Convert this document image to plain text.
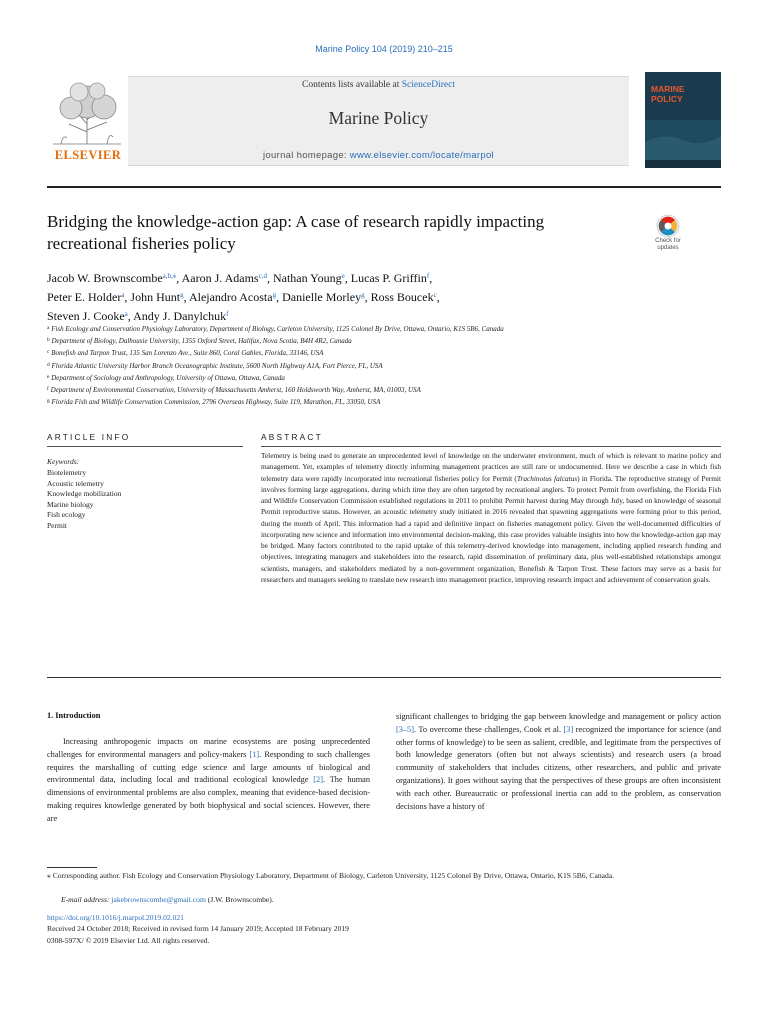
Marine Policy 104 (2019) 210–215
ELSEVIER
Contents lists available at ScienceDirect
Marine Policy
journal homepage: www.elsevier.com/locate/marpol
MARINE
POLICY
Bridging the knowledge-action gap: A case of research rapidly impacting
recreational fisheries policy	Check for
updates
Jacob W. Brownscombe$^{a,b,⁎}$, Aaron J. Adams$^{c,d}$, Nathan Young$^e$, Lucas P. Griffin$^f$,
Peter E. Holder$^a$, John Hunt$^g$, Alejandro Acosta$^g$, Danielle Morley$^g$, Ross Boucek$^c$,
Steven J. Cooke$^a$, Andy J. Danylchuk$^f$
$^a$ Fish Ecology and Conservation Physiology Laboratory, Department of Biology, Carleton University, 1125 Colonel By Drive, Ottawa, Ontario, K1S 5B6, Canada
$^b$ Department of Biology, Dalhousie University, 1355 Oxford Street, Halifax, Nova Scotia, B4H 4R2, Canada
$^c$ Bonefish and Tarpon Trust, 135 San Lorenzo Ave., Suite 860, Coral Gables, Florida, 33146, USA
$^d$ Florida Atlantic University Harbor Branch Oceanographic Institute, 5600 North Highway A1A, Fort Pierce, FL, USA
$^e$ Department of Sociology and Anthropology, University of Ottawa, Ottawa, Canada
$^f$ Department of Environmental Conservation, University of Massachusetts Amherst, 160 Holdsworth Way, Amherst, MA, 01003, USA
$^g$ Florida Fish and Wildlife Conservation Commission, 2796 Overseas Highway, Suite 119, Marathon, FL, 33050, USA
ARTICLE INFO	ABSTRACT
Keywords:
Biotelemetry
Acoustic telemetry
Knowledge mobilization
Marine biology
Fish ecology
Permit
Telemetry is being used to generate an unprecedented level of knowledge on the underwater environment, much of which is relevant to marine policy and management. Yet, examples of telemetry directly informing management practices are still rare or undocumented. Here we describe a case in which fish telemetry data were rapidly incorporated into recreational fisheries policy for Permit (Trachinotus falcatus) in Florida. The reproductive strategy of Permit involves forming large aggregations, during which time they are often targeted by recreational anglers. To protect Permit from overfishing, the Florida Fish and Wildlife Conservation Commission established regulations in 2011 to prohibit Permit harvest during May through July, based on knowledge of seasonal Permit reproductive status. However, an acoustic telemetry study initiated in 2016 revealed that spawning aggregations were forming prior to this period, during the month of April. This information had a rapid and definitive impact on fisheries management policy. Given the well-documented difficulties of incorporating new science and information into environmental decision-making, this case provides valuable insights into how the knowledge-action gap may be bridged. Many factors contributed to the rapid uptake of this telemetry-derived knowledge into management, including applied research funding and objectives, integrating managers and stakeholders into the research, rapid dissemination of preliminary data, plus well-established relationships amongst scientists, managers, and stakeholders mediated by a non-government organization, Bonefish & Tarpon Trust. These factors may serve as a basis for researchers and managers seeking to translate new research into management practice, improving research impact and achievement of conservation goals.
1. Introduction
Increasing anthropogenic impacts on marine ecosystems are posing unprecedented challenges for environmental managers and policy-makers [1]. Responding to such challenges requires the marshalling of cutting edge science and large amounts of biological and environmental data, including local and traditional ecological knowledge [2]. The human dimensions of environmental problems are also complex, meaning that evidence-based decision-making requires knowledge generated by both biophysical and social sciences. However, there are
significant challenges to bridging the gap between knowledge and management or policy action [3–5]. To overcome these challenges, Cook et al. [3] recognized the importance for science (and other forms of knowledge) to be seen as salient, credible, and legitimate from the perspectives of both knowledge generators (often but not always scientists) and research users (a broad community of stakeholders that includes citizens, other researchers, and public and private organizations). It goes without saying that the perspectives of these groups are often inconsistent with each other. Bureaucratic or professional inertia can add to the problem, as conservation decisions have a history of
⁎ Corresponding author. Fish Ecology and Conservation Physiology Laboratory, Department of Biology, Carleton University, 1125 Colonel By Drive, Ottawa, Ontario, K1S 5B6, Canada.
E-mail address: jakebrownscombe@gmail.com (J.W. Brownscombe).
https://doi.org/10.1016/j.marpol.2019.02.021
Received 24 October 2018; Received in revised form 14 January 2019; Accepted 18 February 2019
0308-597X/ © 2019 Elsevier Ltd. All rights reserved.
